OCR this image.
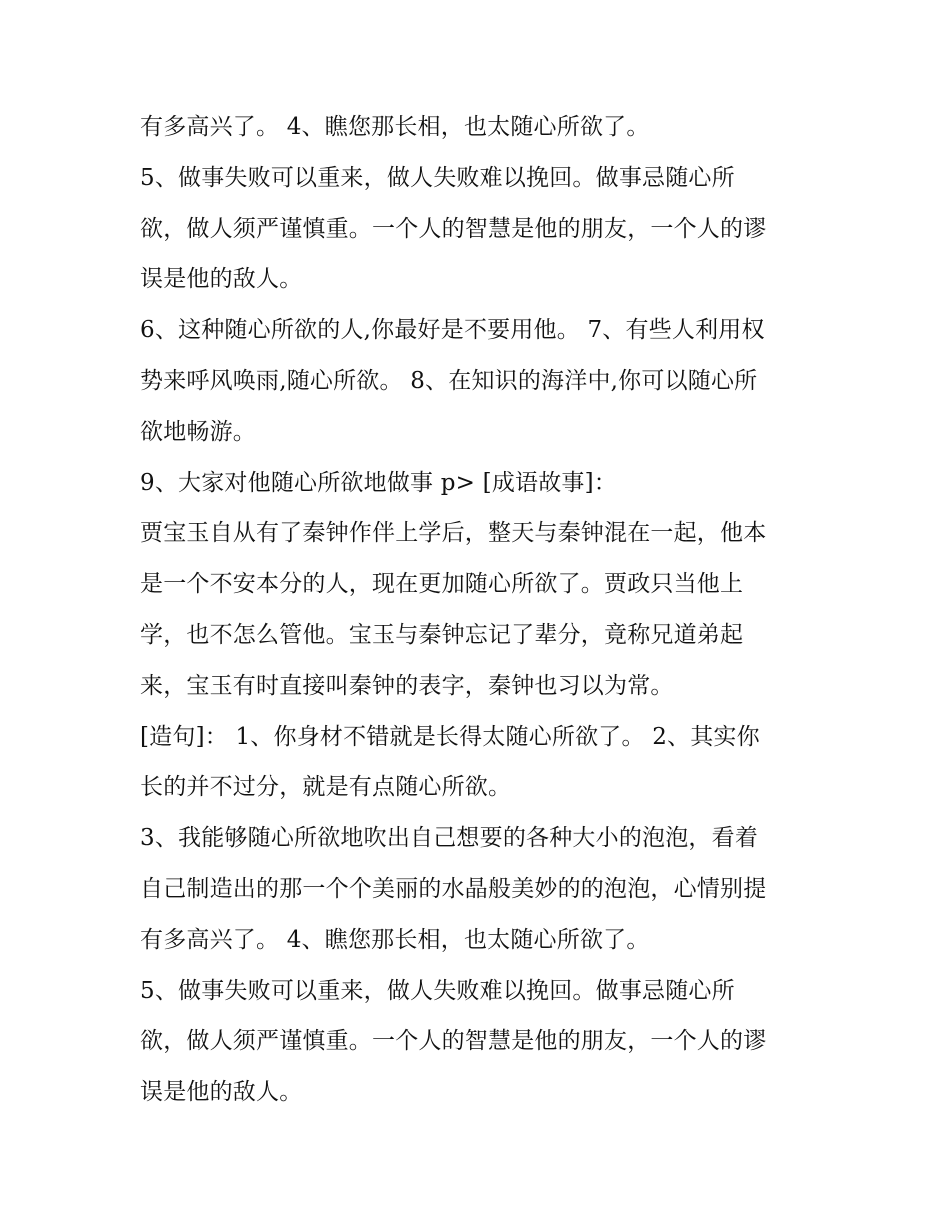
有多高兴了。 4、瞧您那长相，也太随心所欲了。
5、做事失败可以重来，做人失败难以挽回。做事忌随心所
欲，做人须严谨慎重。一个人的智慧是他的朋友，一个人的谬
误是他的敌人。
6、这种随心所欲的人,你最好是不要用他。 7、有些人利用权
势来呼风唤雨,随心所欲。 8、在知识的海洋中,你可以随心所
欲地畅游。
9、大家对他随心所欲地做事 p> [成语故事]：
贾宝玉自从有了秦钟作伴上学后，整天与秦钟混在一起，他本
是一个不安本分的人，现在更加随心所欲了。贾政只当他上
学，也不怎么管他。宝玉与秦钟忘记了辈分，竟称兄道弟起
来，宝玉有时直接叫秦钟的表字，秦钟也习以为常。
[造句]： 1、你身材不错就是长得太随心所欲了。 2、其实你
长的并不过分，就是有点随心所欲。
3、我能够随心所欲地吹出自己想要的各种大小的泡泡，看着
自己制造出的那一个个美丽的水晶般美妙的的泡泡，心情别提
有多高兴了。 4、瞧您那长相，也太随心所欲了。
5、做事失败可以重来，做人失败难以挽回。做事忌随心所
欲，做人须严谨慎重。一个人的智慧是他的朋友，一个人的谬
误是他的敌人。
